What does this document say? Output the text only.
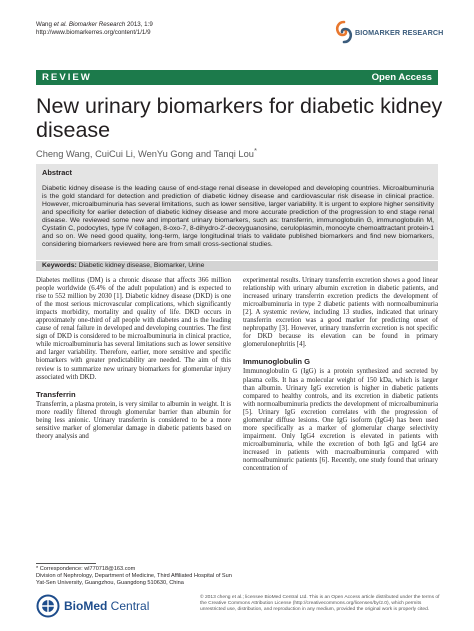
Wang et al. Biomarker Research 2013, 1:9
http://www.biomarkerres.org/content/1/1/9	BIOMARKER RESEARCH
REVIEW	Open Access
New urinary biomarkers for diabetic kidney disease
Cheng Wang, CuiCui Li, WenYu Gong and Tanqi Lou*
Abstract
Diabetic kidney disease is the leading cause of end-stage renal disease in developed and developing countries. Microalbuminuria is the gold standard for detection and prediction of diabetic kidney disease and cardiovascular risk disease in clinical practice. However, microalbuminuria has several limitations, such as lower sensitive, larger variability. It is urgent to explore higher sensitivity and specificity for earlier detection of diabetic kidney disease and more accurate prediction of the progression to end stage renal disease. We reviewed some new and important urinary biomarkers, such as: transferrin, immunoglobulin G, immunoglobulin M, Cystatin C, podocytes, type IV collagen, 8-oxo-7, 8-dihydro-2'-deoxyguanosine, ceruloplasmin, monocyte chemoattractant protein-1 and so on. We need good quality, long-term, large longitudinal trials to validate published biomarkers and find new biomarkers, considering biomarkers reviewed here are from small cross-sectional studies.
Keywords: Diabetic kidney disease, Biomarker, Urine

Diabetes mellitus (DM) is a chronic disease that affects 366 million people worldwide (6.4% of the adult population) and is expected to rise to 552 million by 2030 [1]. Diabetic kidney disease (DKD) is one of the most serious microvascular complications, which significantly impacts morbidity, mortality and quality of life. DKD occurs in approximately one-third of all people with diabetes and is the leading cause of renal failure in developed and developing countries. The first sign of DKD is considered to be microalbuminuria in clinical practice, while microalbuminuria has several limitations such as lower sensitive and larger variability. Therefore, earlier, more sensitive and specific biomarkers with greater predictability are needed. The aim of this review is to summarize new urinary biomarkers for glomerular injury associated with DKD.

Transferrin

Transferrin, a plasma protein, is very similar to albumin in weight. It is more readily filtered through glomerular barrier than albumin for being less anionic. Urinary transferrin is considered to be a more sensitive marker of glomerular damage in diabetic patients based on theory analysis and

experimental results. Urinary transferrin excretion shows a good linear relationship with urinary albumin excretion in diabetic patients, and increased urinary transferrin excretion predicts the development of microalbuminuria in type 2 diabetic patients with normoalbuminuria [2]. A systemic review, including 13 studies, indicated that urinary transferrin excretion was a good marker for predicting onset of nephropathy [3]. However, urinary transferrin excretion is not specific for DKD because its elevation can be found in primary glomerulonephritis [4].

Immunoglobulin G

Immunoglobulin G (IgG) is a protein synthesized and secreted by plasma cells. It has a molecular weight of 150 kDa, which is larger than albumin. Urinary IgG excretion is higher in diabetic patients compared to healthy controls, and its excretion in diabetic patients with normoalbuminuria predicts the development of microalbuminuria [5]. Urinary IgG excretion correlates with the progression of glomerular diffuse lesions. One IgG isoform (IgG4) has been used more specifically as a marker of glomerular charge selectivity impairment. Only IgG4 excretion is elevated in patients with microalbuminuria, while the excretion of both IgG and IgG4 are increased in patients with macroalbuminuria compared with normoalbuminuric patients [6]. Recently, one study found that urinary concentration of

* Correspondence: wl770718@163.com
Division of Nephrology, Department of Medicine, Third Affiliated Hospital of Sun Yat-Sen University, Guangzhou, Guangdong 510630, China
BioMed Central
© 2013 cheng et al.; licensee BioMed Central Ltd. This is an Open Access article distributed under the terms of the Creative Commons Attribution License (http://creativecommons.org/licenses/by/2.0), which permits unrestricted use, distribution, and reproduction in any medium, provided the original work is properly cited.
